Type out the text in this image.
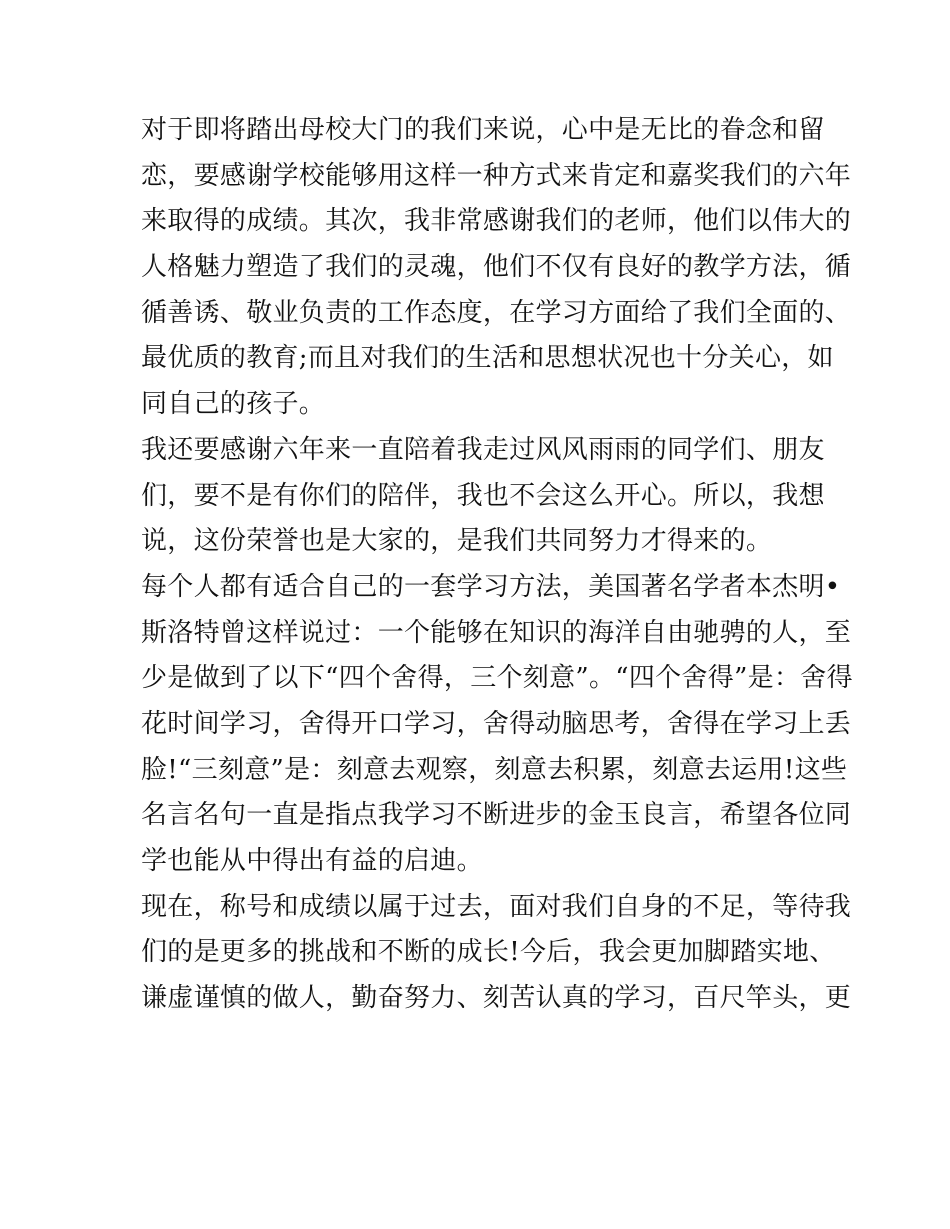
对于即将踏出母校大门的我们来说，心中是无比的眷念和留
恋，要感谢学校能够用这样一种方式来肯定和嘉奖我们的六年
来取得的成绩。其次，我非常感谢我们的老师，他们以伟大的
人格魅力塑造了我们的灵魂，他们不仅有良好的教学方法，循
循善诱、敬业负责的工作态度，在学习方面给了我们全面的、
最优质的教育;而且对我们的生活和思想状况也十分关心，如
同自己的孩子。
我还要感谢六年来一直陪着我走过风风雨雨的同学们、朋友
们，要不是有你们的陪伴，我也不会这么开心。所以，我想
说，这份荣誉也是大家的，是我们共同努力才得来的。
每个人都有适合自己的一套学习方法，美国著名学者本杰明•
斯洛特曾这样说过：一个能够在知识的海洋自由驰骋的人，至
少是做到了以下“四个舍得，三个刻意”。“四个舍得”是：舍得
花时间学习，舍得开口学习，舍得动脑思考，舍得在学习上丢
脸!“三刻意”是：刻意去观察，刻意去积累，刻意去运用!这些
名言名句一直是指点我学习不断进步的金玉良言，希望各位同
学也能从中得出有益的启迪。
现在，称号和成绩以属于过去，面对我们自身的不足，等待我
们的是更多的挑战和不断的成长!今后，我会更加脚踏实地、
谦虚谨慎的做人，勤奋努力、刻苦认真的学习，百尺竿头，更
